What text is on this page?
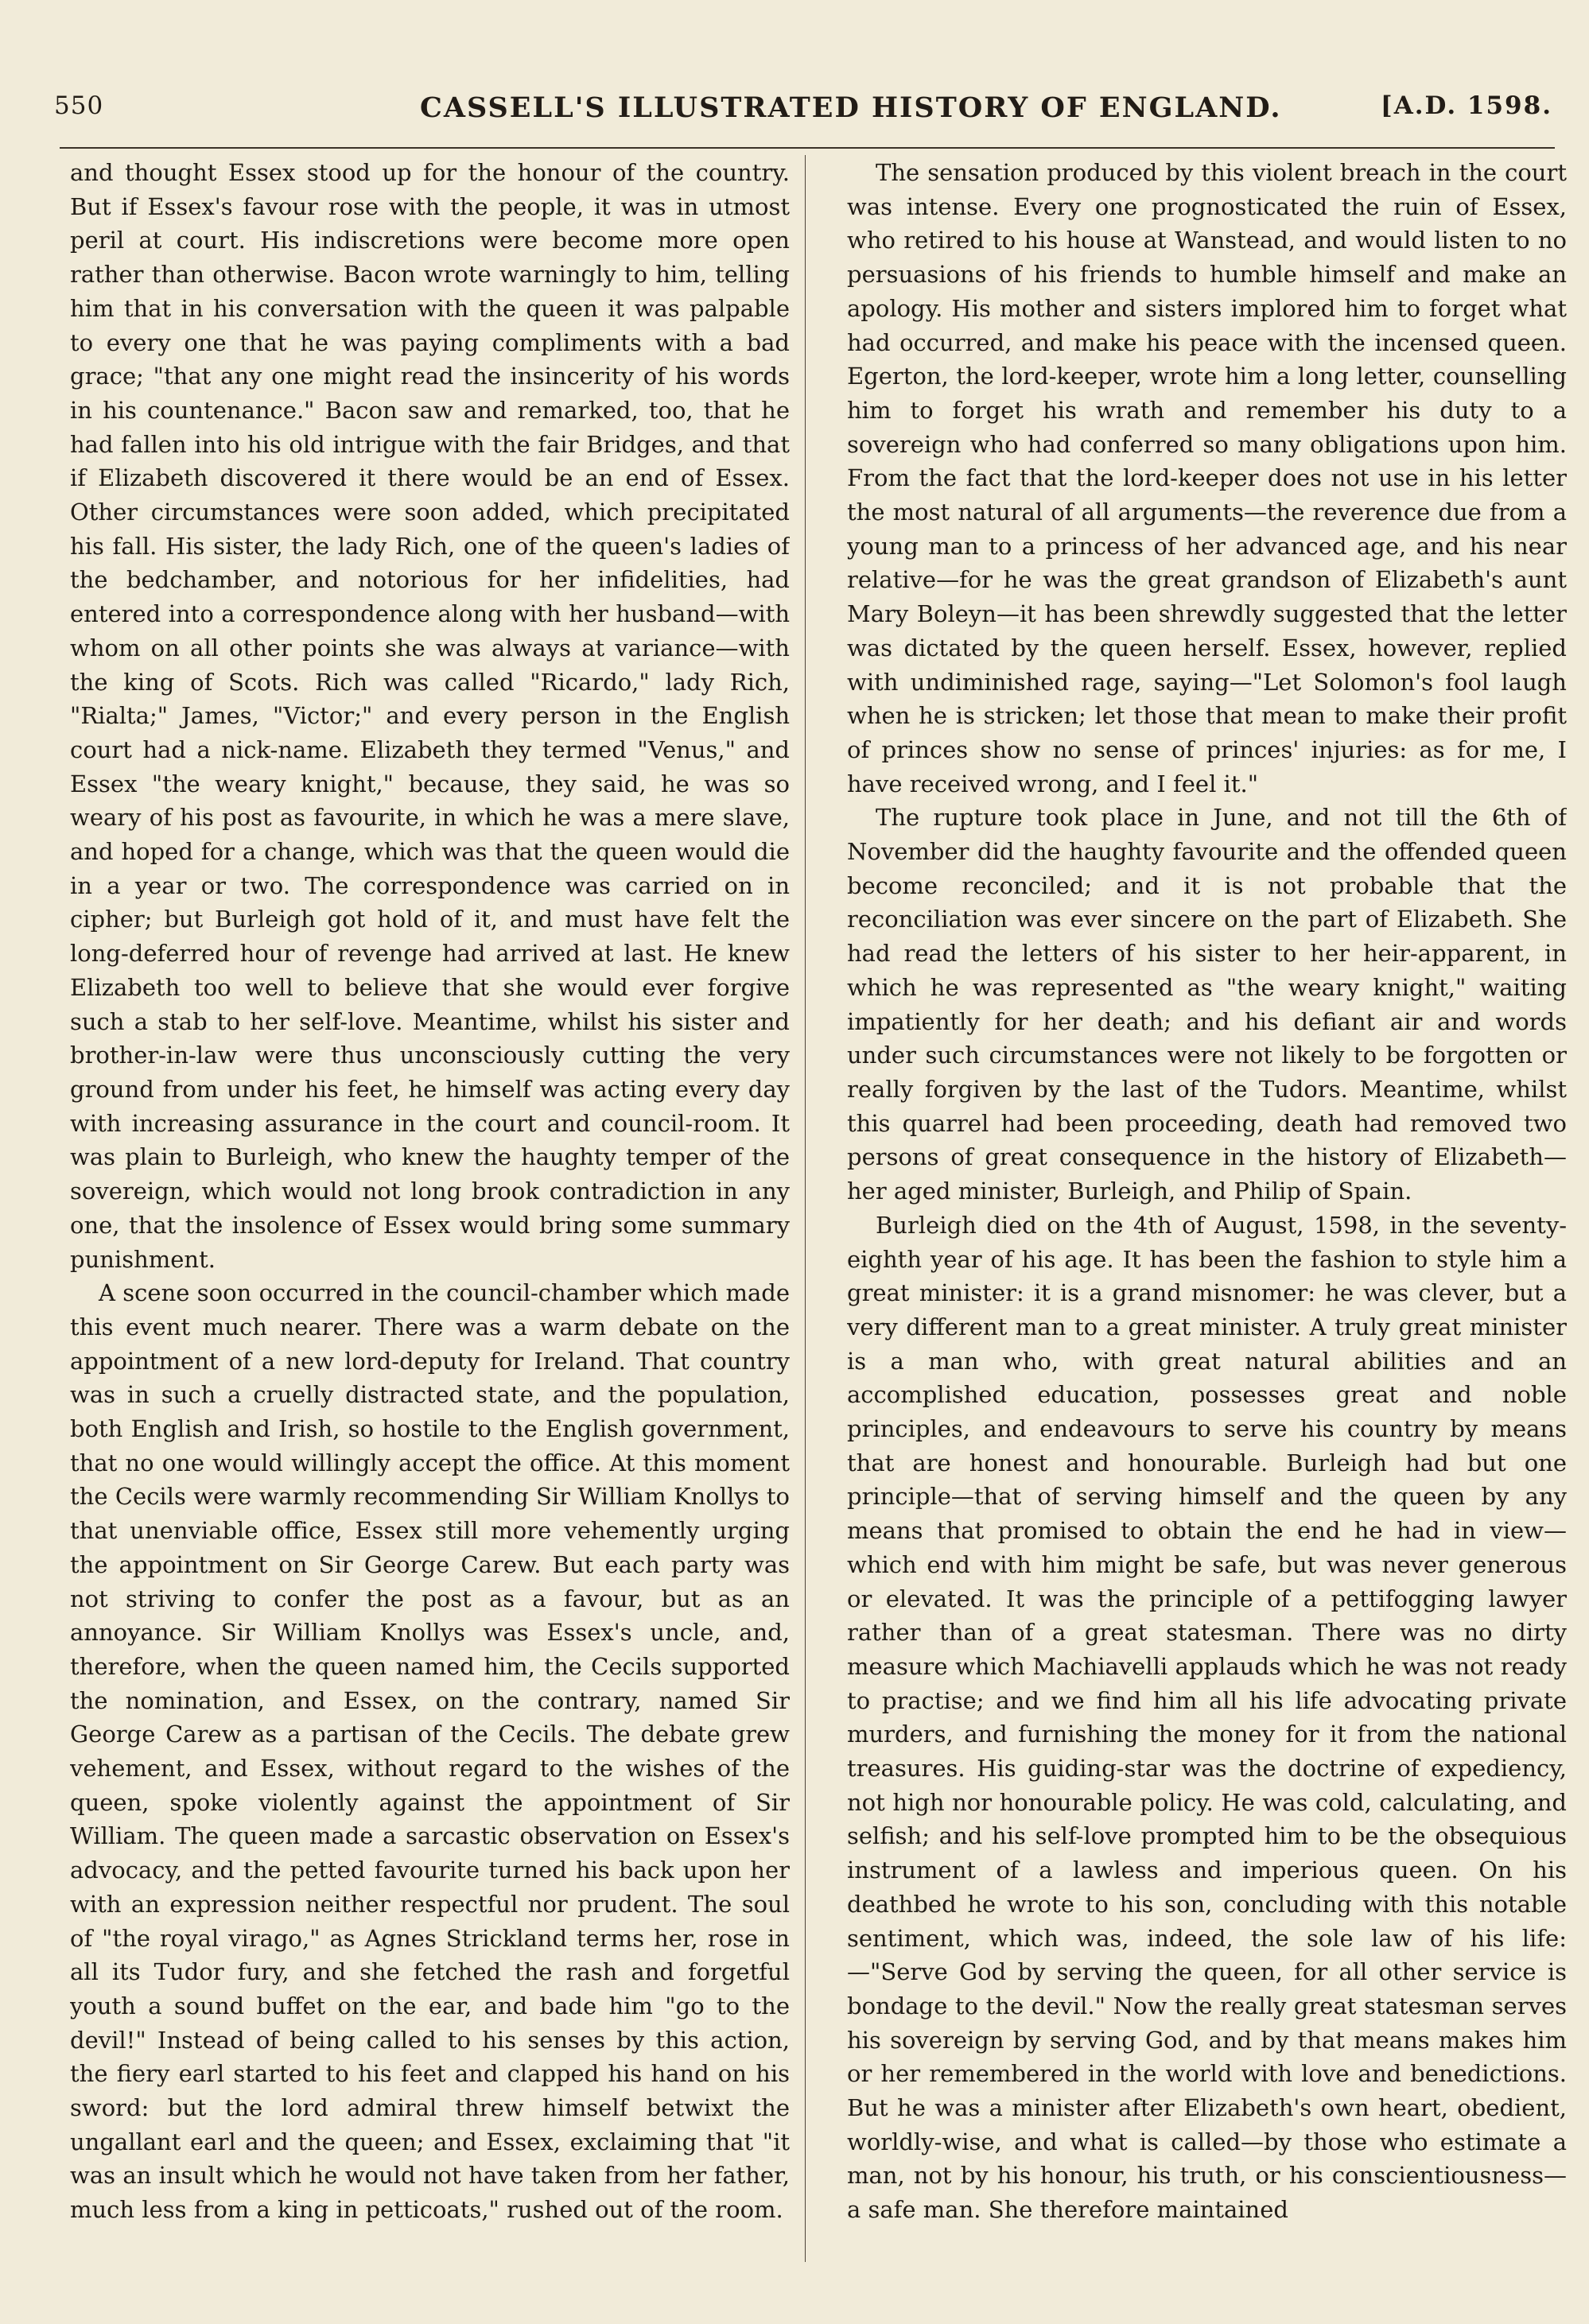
550	CASSELL'S ILLUSTRATED HISTORY OF ENGLAND.	[A.D. 1598.

and thought Essex stood up for the honour of the country. But if Essex's favour rose with the people, it was in utmost peril at court. His indiscretions were become more open rather than otherwise. Bacon wrote warningly to him, telling him that in his conversation with the queen it was palpable to every one that he was paying compliments with a bad grace; "that any one might read the insincerity of his words in his countenance." Bacon saw and remarked, too, that he had fallen into his old intrigue with the fair Bridges, and that if Elizabeth discovered it there would be an end of Essex. Other circumstances were soon added, which precipitated his fall. His sister, the lady Rich, one of the queen's ladies of the bedchamber, and notorious for her infidelities, had entered into a correspondence along with her husband—with whom on all other points she was always at variance—with the king of Scots. Rich was called "Ricardo," lady Rich, "Rialta;" James, "Victor;" and every person in the English court had a nick-name. Elizabeth they termed "Venus," and Essex "the weary knight," because, they said, he was so weary of his post as favourite, in which he was a mere slave, and hoped for a change, which was that the queen would die in a year or two. The correspondence was carried on in cipher; but Burleigh got hold of it, and must have felt the long-deferred hour of revenge had arrived at last. He knew Elizabeth too well to believe that she would ever forgive such a stab to her self-love. Meantime, whilst his sister and brother-in-law were thus unconsciously cutting the very ground from under his feet, he himself was acting every day with increasing assurance in the court and council-room. It was plain to Burleigh, who knew the haughty temper of the sovereign, which would not long brook contradiction in any one, that the insolence of Essex would bring some summary punishment.

A scene soon occurred in the council-chamber which made this event much nearer. There was a warm debate on the appointment of a new lord-deputy for Ireland. That country was in such a cruelly distracted state, and the population, both English and Irish, so hostile to the English government, that no one would willingly accept the office. At this moment the Cecils were warmly recommending Sir William Knollys to that unenviable office, Essex still more vehemently urging the appointment on Sir George Carew. But each party was not striving to confer the post as a favour, but as an annoyance. Sir William Knollys was Essex's uncle, and, therefore, when the queen named him, the Cecils supported the nomination, and Essex, on the contrary, named Sir George Carew as a partisan of the Cecils. The debate grew vehement, and Essex, without regard to the wishes of the queen, spoke violently against the appointment of Sir William. The queen made a sarcastic observation on Essex's advocacy, and the petted favourite turned his back upon her with an expression neither respectful nor prudent. The soul of "the royal virago," as Agnes Strickland terms her, rose in all its Tudor fury, and she fetched the rash and forgetful youth a sound buffet on the ear, and bade him "go to the devil!" Instead of being called to his senses by this action, the fiery earl started to his feet and clapped his hand on his sword: but the lord admiral threw himself betwixt the ungallant earl and the queen; and Essex, exclaiming that "it was an insult which he would not have taken from her father, much less from a king in petticoats," rushed out of the room.

The sensation produced by this violent breach in the court was intense. Every one prognosticated the ruin of Essex, who retired to his house at Wanstead, and would listen to no persuasions of his friends to humble himself and make an apology. His mother and sisters implored him to forget what had occurred, and make his peace with the incensed queen. Egerton, the lord-keeper, wrote him a long letter, counselling him to forget his wrath and remember his duty to a sovereign who had conferred so many obligations upon him. From the fact that the lord-keeper does not use in his letter the most natural of all arguments—the reverence due from a young man to a princess of her advanced age, and his near relative—for he was the great grandson of Elizabeth's aunt Mary Boleyn—it has been shrewdly suggested that the letter was dictated by the queen herself. Essex, however, replied with undiminished rage, saying—"Let Solomon's fool laugh when he is stricken; let those that mean to make their profit of princes show no sense of princes' injuries: as for me, I have received wrong, and I feel it."

The rupture took place in June, and not till the 6th of November did the haughty favourite and the offended queen become reconciled; and it is not probable that the reconciliation was ever sincere on the part of Elizabeth. She had read the letters of his sister to her heir-apparent, in which he was represented as "the weary knight," waiting impatiently for her death; and his defiant air and words under such circumstances were not likely to be forgotten or really forgiven by the last of the Tudors. Meantime, whilst this quarrel had been proceeding, death had removed two persons of great consequence in the history of Elizabeth—her aged minister, Burleigh, and Philip of Spain.

Burleigh died on the 4th of August, 1598, in the seventy-eighth year of his age. It has been the fashion to style him a great minister: it is a grand misnomer: he was clever, but a very different man to a great minister. A truly great minister is a man who, with great natural abilities and an accomplished education, possesses great and noble principles, and endeavours to serve his country by means that are honest and honourable. Burleigh had but one principle—that of serving himself and the queen by any means that promised to obtain the end he had in view—which end with him might be safe, but was never generous or elevated. It was the principle of a pettifogging lawyer rather than of a great statesman. There was no dirty measure which Machiavelli applauds which he was not ready to practise; and we find him all his life advocating private murders, and furnishing the money for it from the national treasures. His guiding-star was the doctrine of expediency, not high nor honourable policy. He was cold, calculating, and selfish; and his self-love prompted him to be the obsequious instrument of a lawless and imperious queen. On his deathbed he wrote to his son, concluding with this notable sentiment, which was, indeed, the sole law of his life:—"Serve God by serving the queen, for all other service is bondage to the devil." Now the really great statesman serves his sovereign by serving God, and by that means makes him or her remembered in the world with love and benedictions. But he was a minister after Elizabeth's own heart, obedient, worldly-wise, and what is called—by those who estimate a man, not by his honour, his truth, or his conscientiousness—a safe man. She therefore maintained
